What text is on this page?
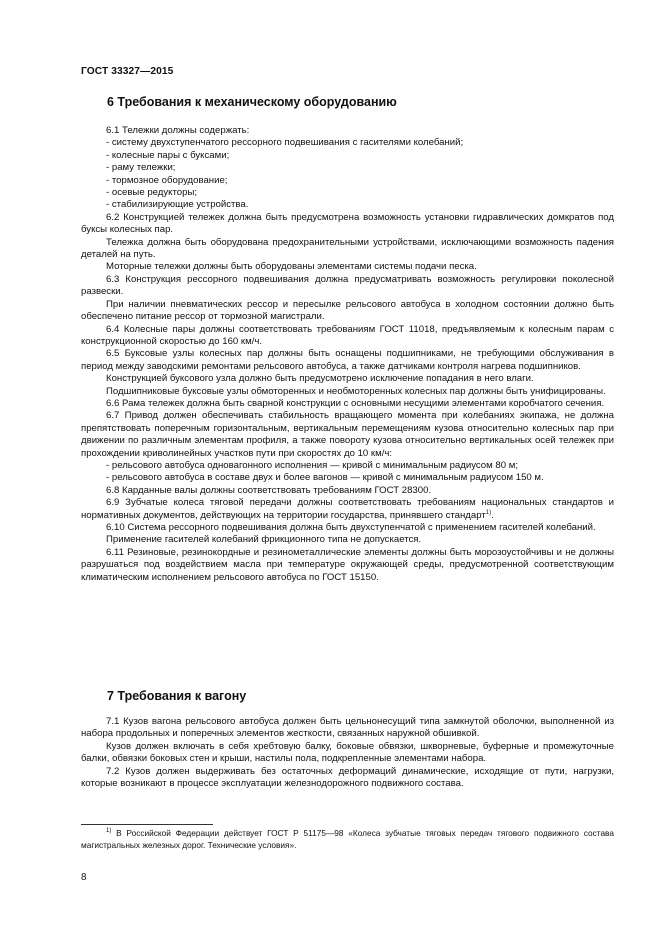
ГОСТ 33327—2015
6 Требования к механическому оборудованию

6.1 Тележки должны содержать:

- систему двухступенчатого рессорного подвешивания с гасителями колебаний;

- колесные пары с буксами;

- раму тележки;

- тормозное оборудование;

- осевые редукторы;

- стабилизирующие устройства.

6.2 Конструкцией тележек должна быть предусмотрена возможность установки гидравлических домкратов под буксы колесных пар.

Тележка должна быть оборудована предохранительными устройствами, исключающими возможность падения деталей на путь.

Моторные тележки должны быть оборудованы элементами системы подачи песка.

6.3 Конструкция рессорного подвешивания должна предусматривать возможность регулировки поколесной развески.

При наличии пневматических рессор и пересылке рельсового автобуса в холодном состоянии должно быть обеспечено питание рессор от тормозной магистрали.

6.4 Колесные пары должны соответствовать требованиям ГОСТ 11018, предъявляемым к колесным парам с конструкционной скоростью до 160 км/ч.

6.5 Буксовые узлы колесных пар должны быть оснащены подшипниками, не требующими обслуживания в период между заводскими ремонтами рельсового автобуса, а также датчиками контроля нагрева подшипников.

Конструкцией буксового узла должно быть предусмотрено исключение попадания в него влаги.

Подшипниковые буксовые узлы обмоторенных и необмоторенных колесных пар должны быть унифицированы.

6.6 Рама тележек должна быть сварной конструкции с основными несущими элементами коробчатого сечения.

6.7 Привод должен обеспечивать стабильность вращающего момента при колебаниях экипажа, не должна препятствовать поперечным горизонтальным, вертикальным перемещениям кузова относительно колесных пар при движении по различным элементам профиля, а также повороту кузова относительно вертикальных осей тележек при прохождении криволинейных участков пути при скоростях до 10 км/ч:

- рельсового автобуса одновагонного исполнения — кривой с минимальным радиусом 80 м;

- рельсового автобуса в составе двух и более вагонов — кривой с минимальным радиусом 150 м.

6.8 Карданные валы должны соответствовать требованиям ГОСТ 28300.

6.9 Зубчатые колеса тяговой передачи должны соответствовать требованиям национальных стандартов и нормативных документов, действующих на территории государства, принявшего стандарт$^{1)}$.

6.10 Система рессорного подвешивания должна быть двухступенчатой с применением гасителей колебаний.

Применение гасителей колебаний фрикционного типа не допускается.

6.11 Резиновые, резинокордные и резинометаллические элементы должны быть морозоустойчивы и не должны разрушаться под воздействием масла при температуре окружающей среды, предусмотренной соответствующим климатическим исполнением рельсового автобуса по ГОСТ 15150.

7 Требования к вагону

7.1 Кузов вагона рельсового автобуса должен быть цельнонесущий типа замкнутой оболочки, выполненной из набора продольных и поперечных элементов жесткости, связанных наружной обшивкой.

Кузов должен включать в себя хребтовую балку, боковые обвязки, шкворневые, буферные и промежуточные балки, обвязки боковых стен и крыши, настилы пола, подкрепленные элементами набора.

7.2 Кузов должен выдерживать без остаточных деформаций динамические, исходящие от пути, нагрузки, которые возникают в процессе эксплуатации железнодорожного подвижного состава.

$^{1)}$ В Российской Федерации действует ГОСТ Р 51175—98 «Колеса зубчатые тяговых передач тягового подвижного состава магистральных железных дорог. Технические условия».
8
